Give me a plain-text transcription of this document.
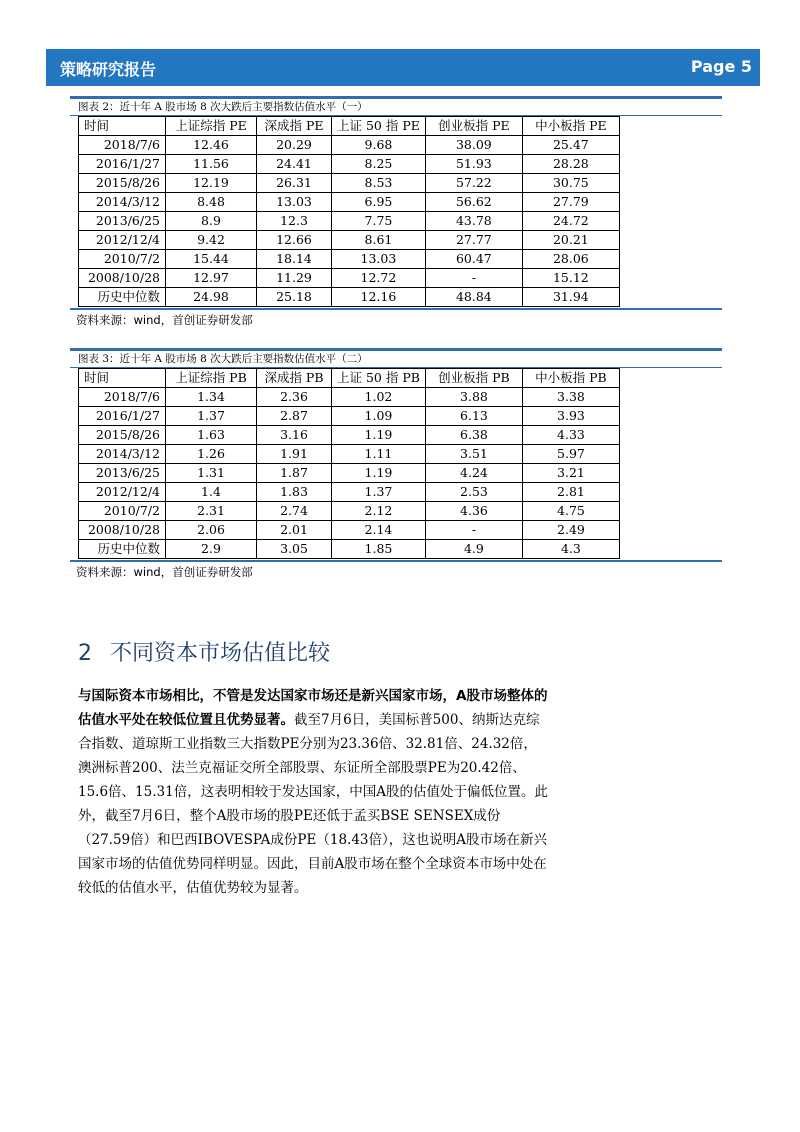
策略研究报告	Page 5
图表 2：近十年 A 股市场 8 次大跌后主要指数估值水平（一）
时间	上证综指 PE	深成指 PE	上证 50 指 PE	创业板指 PE	中小板指 PE
2018/7/6	12.46	20.29	9.68	38.09	25.47
2016/1/27	11.56	24.41	8.25	51.93	28.28
2015/8/26	12.19	26.31	8.53	57.22	30.75
2014/3/12	8.48	13.03	6.95	56.62	27.79
2013/6/25	8.9	12.3	7.75	43.78	24.72
2012/12/4	9.42	12.66	8.61	27.77	20.21
2010/7/2	15.44	18.14	13.03	60.47	28.06
2008/10/28	12.97	11.29	12.72	-	15.12
历史中位数	24.98	25.18	12.16	48.84	31.94
资料来源：wind，首创证券研发部
图表 3：近十年 A 股市场 8 次大跌后主要指数估值水平（二）
时间	上证综指 PB	深成指 PB	上证 50 指 PB	创业板指 PB	中小板指 PB
2018/7/6	1.34	2.36	1.02	3.88	3.38
2016/1/27	1.37	2.87	1.09	6.13	3.93
2015/8/26	1.63	3.16	1.19	6.38	4.33
2014/3/12	1.26	1.91	1.11	3.51	5.97
2013/6/25	1.31	1.87	1.19	4.24	3.21
2012/12/4	1.4	1.83	1.37	2.53	2.81
2010/7/2	2.31	2.74	2.12	4.36	4.75
2008/10/28	2.06	2.01	2.14	-	2.49
历史中位数	2.9	3.05	1.85	4.9	4.3
资料来源：wind，首创证券研发部
2 不同资本市场估值比较
与国际资本市场相比，不管是发达国家市场还是新兴国家市场，A股市场整体的估值水平处在较低位置且优势显著。截至7月6日，美国标普500、纳斯达克综合指数、道琼斯工业指数三大指数PE分别为23.36倍、32.81倍、24.32倍，澳洲标普200、法兰克福证交所全部股票、东证所全部股票PE为20.42倍、15.6倍、15.31倍，这表明相较于发达国家，中国A股的估值处于偏低位置。此外，截至7月6日，整个A股市场的股PE还低于孟买BSE SENSEX成份（27.59倍）和巴西IBOVESPA成份PE（18.43倍），这也说明A股市场在新兴国家市场的估值优势同样明显。因此，目前A股市场在整个全球资本市场中处在较低的估值水平，估值优势较为显著。
